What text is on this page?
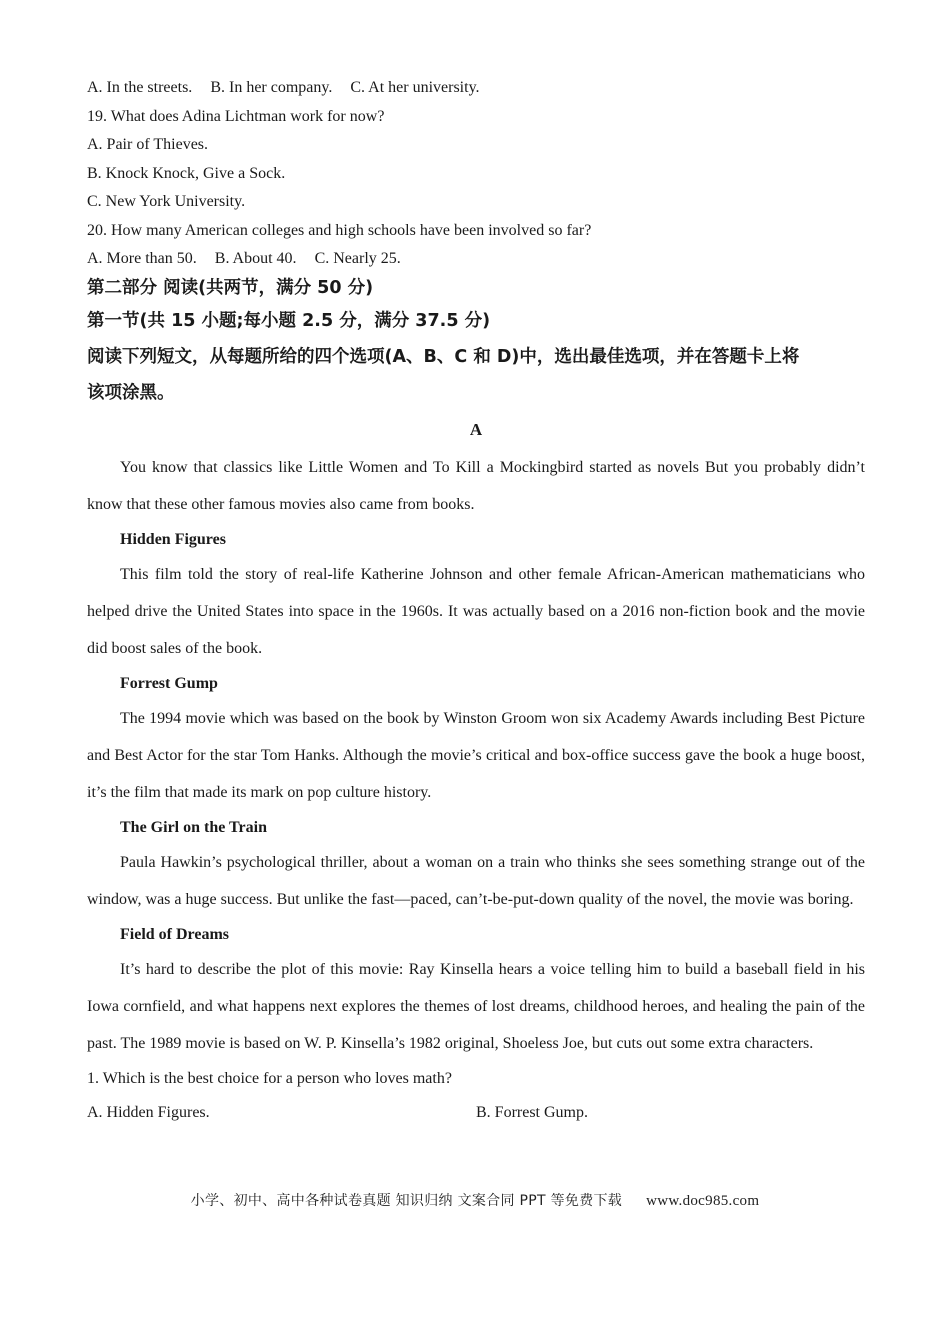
A. In the streets. B. In her company. C. At her university.
19. What does Adina Lichtman work for now?
A. Pair of Thieves.
B. Knock Knock, Give a Sock.
C. New York University.
20. How many American colleges and high schools have been involved so far?
A. More than 50. B. About 40. C. Nearly 25.
第二部分 阅读(共两节，满分 50 分)
第一节(共 15 小题;每小题 2.5 分，满分 37.5 分)
阅读下列短文，从每题所给的四个选项(A、B、C 和 D)中，选出最佳选项，并在答题卡上将
该项涂黑。
A

You know that classics like Little Women and To Kill a Mockingbird started as novels But you probably didn’t know that these other famous movies also came from books.

Hidden Figures

This film told the story of real-life Katherine Johnson and other female African-American mathematicians who helped drive the United States into space in the 1960s. It was actually based on a 2016 non-fiction book and the movie did boost sales of the book.

Forrest Gump

The 1994 movie which was based on the book by Winston Groom won six Academy Awards including Best Picture and Best Actor for the star Tom Hanks. Although the movie’s critical and box-office success gave the book a huge boost, it’s the film that made its mark on pop culture history.

The Girl on the Train

Paula Hawkin’s psychological thriller, about a woman on a train who thinks she sees something strange out of the window, was a huge success. But unlike the fast—paced, can’t-be-put-down quality of the novel, the movie was boring.

Field of Dreams

It’s hard to describe the plot of this movie: Ray Kinsella hears a voice telling him to build a baseball field in his Iowa cornfield, and what happens next explores the themes of lost dreams, childhood heroes, and healing the pain of the past. The 1989 movie is based on W. P. Kinsella’s 1982 original, Shoeless Joe, but cuts out some extra characters.

1. Which is the best choice for a person who loves math?
A. Hidden Figures.	B. Forrest Gump.
小学、初中、高中各种试卷真题 知识归纳 文案合同 PPT 等免费下载 www.doc985.com
